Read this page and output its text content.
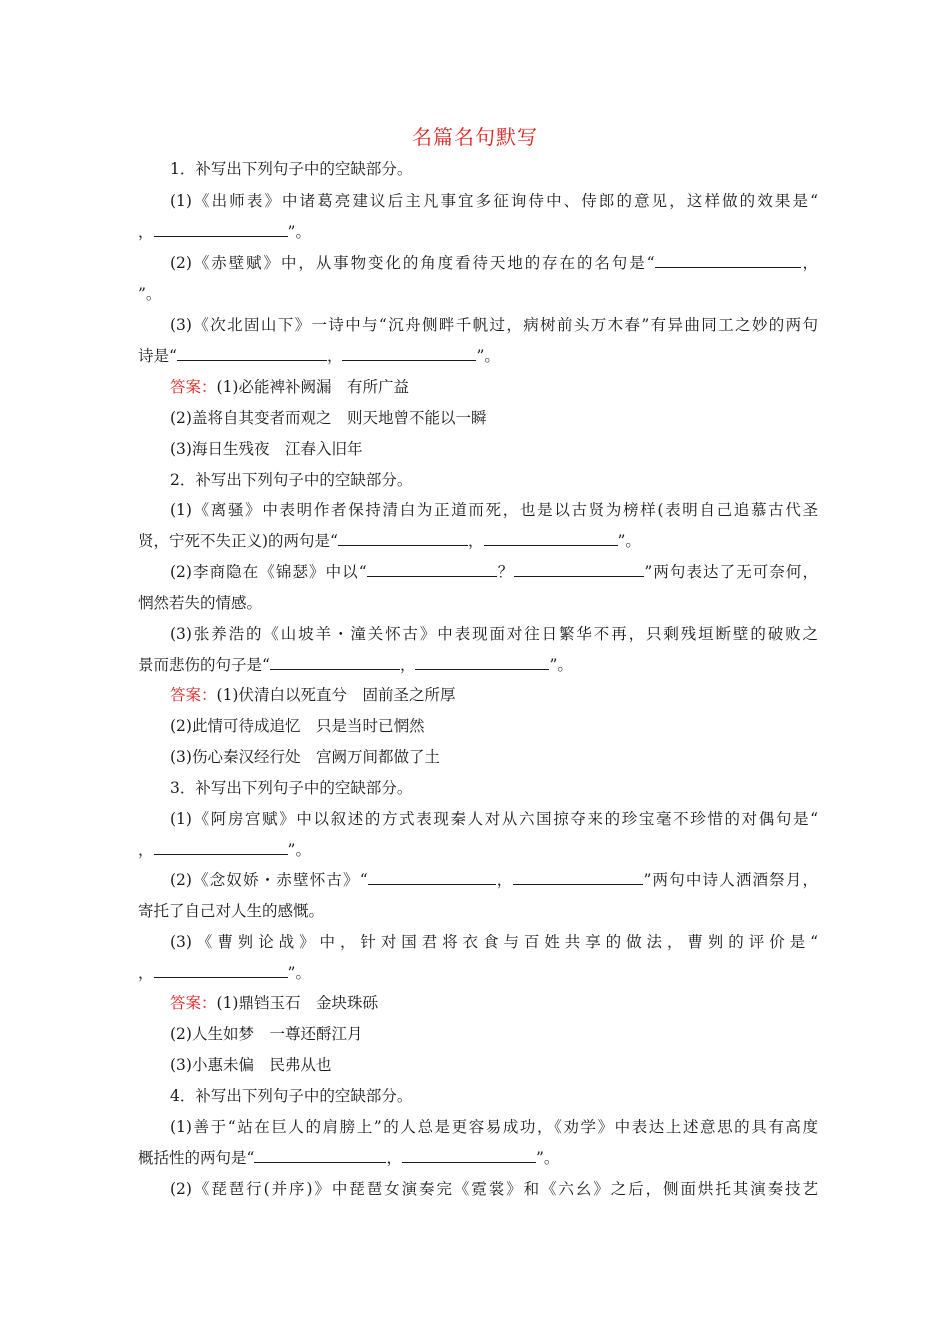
名篇名句默写
1．补写出下列句子中的空缺部分。
(1)《出师表》中诸葛亮建议后主凡事宜多征询侍中、侍郎的意见，这样做的效果是“
，	”。
(2)《赤壁赋》中，从事物变化的角度看待天地的存在的名句是“	，
”。
(3)《次北固山下》一诗中与“沉舟侧畔千帆过，病树前头万木春”有异曲同工之妙的两句
诗是“	，	”。
答案：(1)必能裨补阙漏　有所广益
(2)盖将自其变者而观之　则天地曾不能以一瞬
(3)海日生残夜　江春入旧年
2．补写出下列句子中的空缺部分。
(1)《离骚》中表明作者保持清白为正道而死，也是以古贤为榜样(表明自己追慕古代圣
贤，宁死不失正义)的两句是“	，	”。
(2)李商隐在《锦瑟》中以“	？	”两句表达了无可奈何，
惘然若失的情感。
(3)张养浩的《山坡羊・潼关怀古》中表现面对往日繁华不再，只剩残垣断壁的破败之
景而悲伤的句子是“	，	”。
答案：(1)伏清白以死直兮　固前圣之所厚
(2)此情可待成追忆　只是当时已惘然
(3)伤心秦汉经行处　宫阙万间都做了土
3．补写出下列句子中的空缺部分。
(1)《阿房宫赋》中以叙述的方式表现秦人对从六国掠夺来的珍宝毫不珍惜的对偶句是“
，	”。
(2)《念奴娇・赤壁怀古》“	，	”两句中诗人洒酒祭月，
寄托了自己对人生的感慨。
(3)《曹刿论战》中，针对国君将衣食与百姓共享的做法，曹刿的评价是“
，	”。
答案：(1)鼎铛玉石　金块珠砾
(2)人生如梦　一尊还酹江月
(3)小惠未偏　民弗从也
4．补写出下列句子中的空缺部分。
(1)善于“站在巨人的肩膀上”的人总是更容易成功，《劝学》中表达上述意思的具有高度
概括性的两句是“	，	”。
(2)《琵琶行(并序)》中琵琶女演奏完《霓裳》和《六幺》之后，侧面烘托其演奏技艺
